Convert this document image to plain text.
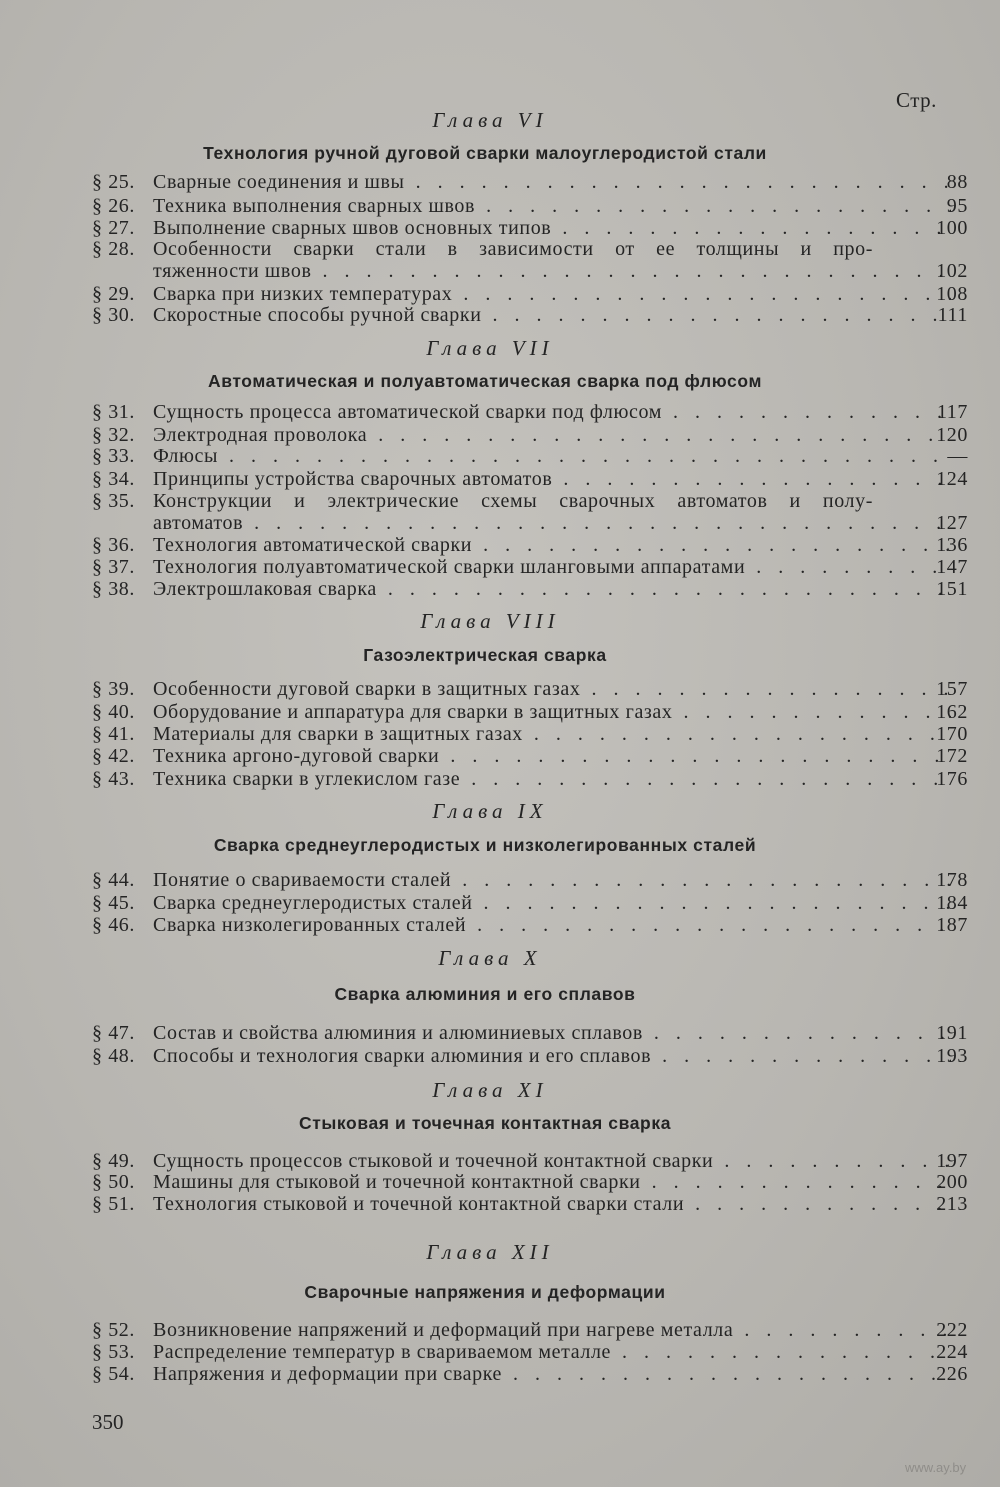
Стр.
Глава VI
Технология ручной дуговой сварки малоуглеродистой стали
§ 25. Сварные соединения и швы . . .	88
§ 26. Техника выполнения сварных швов . . .	95
§ 27. Выполнение сварных швов основных типов . . .	100
§ 28. Особенности сварки стали в зависимости от ее толщины и про-
тяженности швов . . .	102
§ 29. Сварка при низких температурах . . .	108
§ 30. Скоростные способы ручной сварки . . .	111
Глава VII
Автоматическая и полуавтоматическая сварка под флюсом
§ 31. Сущность процесса автоматической сварки под флюсом . . .	117
§ 32. Электродная проволока . . .	120
§ 33. Флюсы . . .	—
§ 34. Принципы устройства сварочных автоматов . . .	124
§ 35. Конструкции и электрические схемы сварочных автоматов и полу-
автоматов . . .	127
§ 36. Технология автоматической сварки . . .	136
§ 37. Технология полуавтоматической сварки шланговыми аппаратами . . .	147
§ 38. Электрошлаковая сварка . . .	151
Глава VIII
Газоэлектрическая сварка
§ 39. Особенности дуговой сварки в защитных газах . . .	157
§ 40. Оборудование и аппаратура для сварки в защитных газах . . .	162
§ 41. Материалы для сварки в защитных газах . . .	170
§ 42. Техника аргоно-дуговой сварки . . .	172
§ 43. Техника сварки в углекислом газе . . .	176
Глава IX
Сварка среднеуглеродистых и низколегированных сталей
§ 44. Понятие о свариваемости сталей . . .	178
§ 45. Сварка среднеуглеродистых сталей . . .	184
§ 46. Сварка низколегированных сталей . . .	187
Глава X
Сварка алюминия и его сплавов
§ 47. Состав и свойства алюминия и алюминиевых сплавов . . .	191
§ 48. Способы и технология сварки алюминия и его сплавов . . .	193
Глава XI
Стыковая и точечная контактная сварка
§ 49. Сущность процессов стыковой и точечной контактной сварки . . .	197
§ 50. Машины для стыковой и точечной контактной сварки . . .	200
§ 51. Технология стыковой и точечной контактной сварки стали . . .	213
Глава XII
Сварочные напряжения и деформации
§ 52. Возникновение напряжений и деформаций при нагреве металла . . .	222
§ 53. Распределение температур в свариваемом металле . . .	224
§ 54. Напряжения и деформации при сварке . . .	226
350
www.ay.by
